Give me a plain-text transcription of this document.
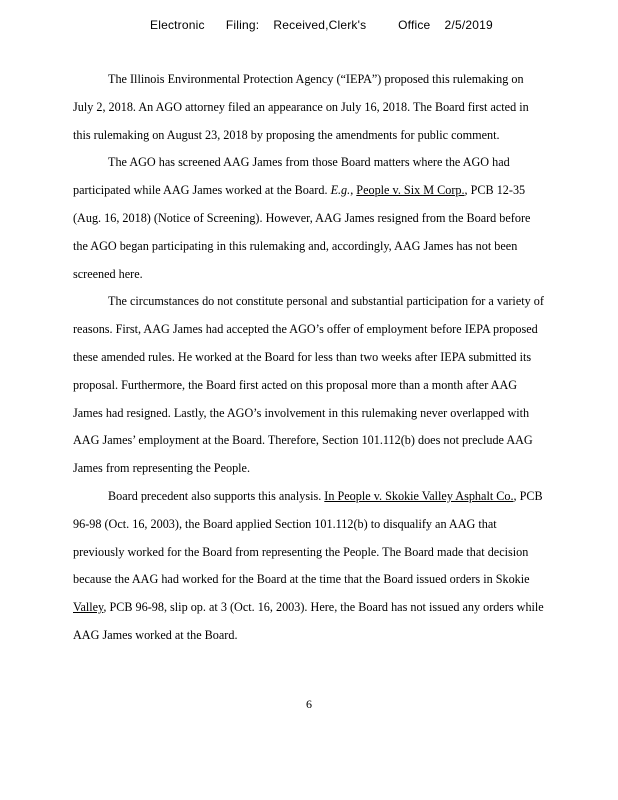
Electronic      Filing:    Received,Clerk's         Office    2/5/2019
The Illinois Environmental Protection Agency (“IEPA”) proposed this rulemaking on
July 2, 2018. An AGO attorney filed an appearance on July 16, 2018. The Board first acted in
this rulemaking on August 23, 2018 by proposing the amendments for public comment.
The AGO has screened AAG James from those Board matters where the AGO had
participated while AAG James worked at the Board. E.g., People v. Six M Corp., PCB 12-35
(Aug. 16, 2018) (Notice of Screening). However, AAG James resigned from the Board before
the AGO began participating in this rulemaking and, accordingly, AAG James has not been
screened here.
The circumstances do not constitute personal and substantial participation for a variety of
reasons. First, AAG James had accepted the AGO’s offer of employment before IEPA proposed
these amended rules. He worked at the Board for less than two weeks after IEPA submitted its
proposal. Furthermore, the Board first acted on this proposal more than a month after AAG
James had resigned. Lastly, the AGO’s involvement in this rulemaking never overlapped with
AAG James’ employment at the Board. Therefore, Section 101.112(b) does not preclude AAG
James from representing the People.
Board precedent also supports this analysis. In People v. Skokie Valley Asphalt Co., PCB
96-98 (Oct. 16, 2003), the Board applied Section 101.112(b) to disqualify an AAG that
previously worked for the Board from representing the People. The Board made that decision
because the AAG had worked for the Board at the time that the Board issued orders in Skokie
Valley, PCB 96-98, slip op. at 3 (Oct. 16, 2003). Here, the Board has not issued any orders while
AAG James worked at the Board.
6
